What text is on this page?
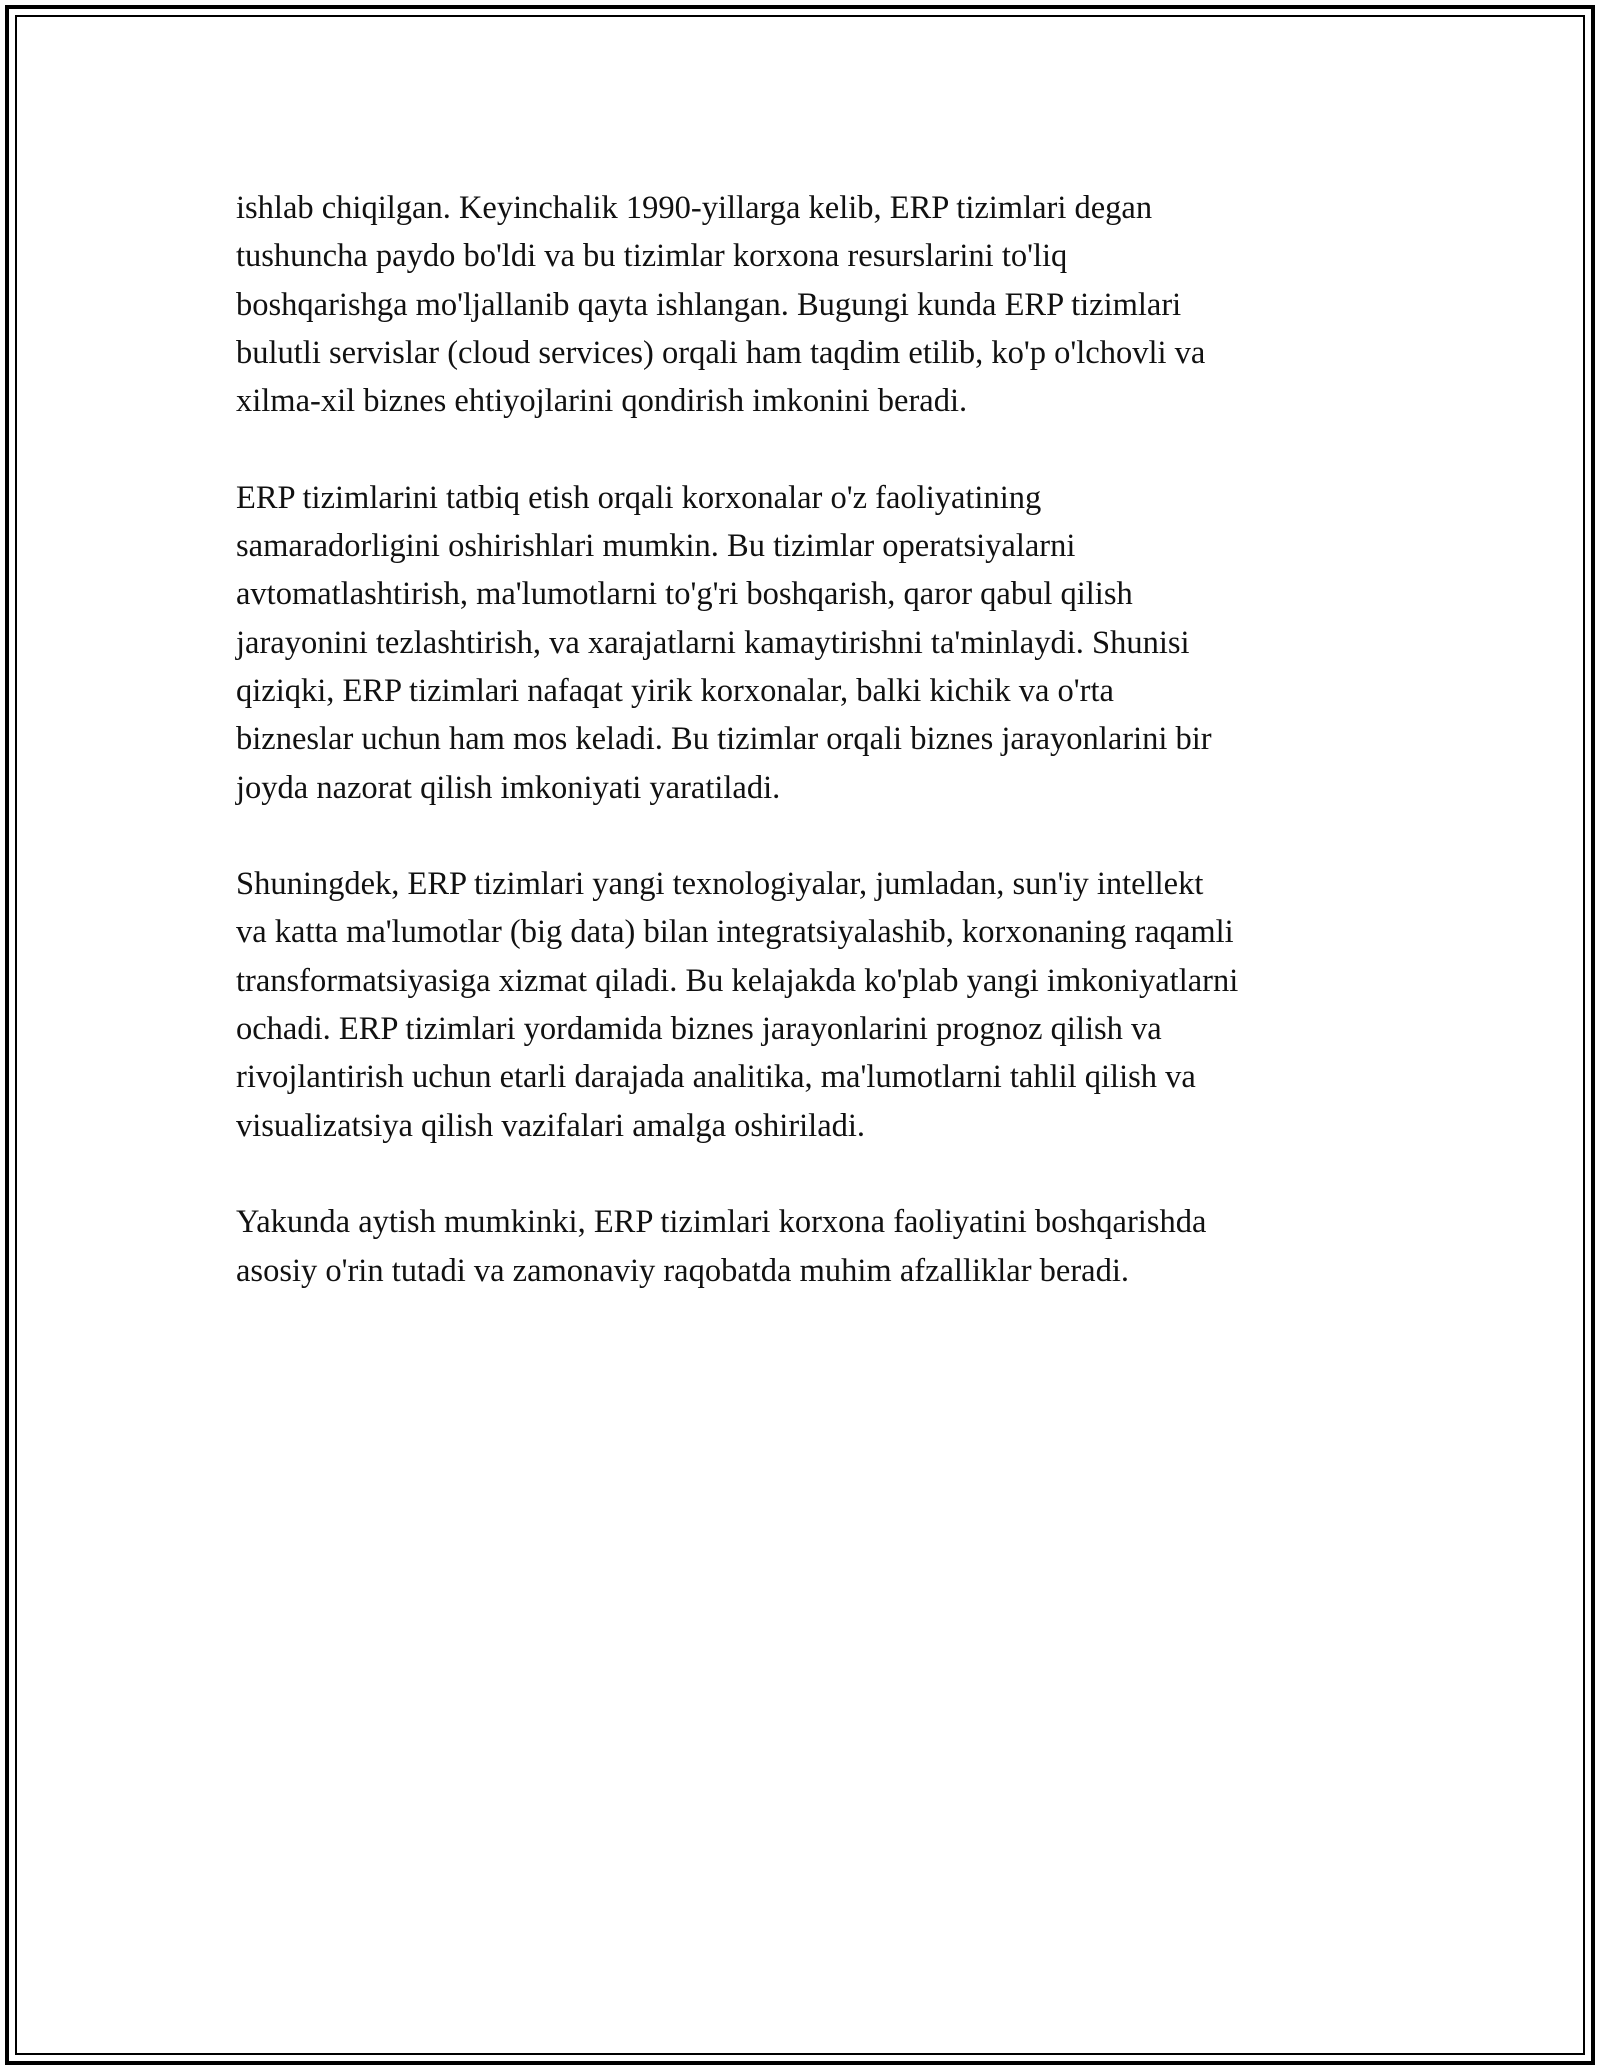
ishlab chiqilgan. Keyinchalik 1990-yillarga kelib, ERP tizimlari degan
tushuncha paydo bo'ldi va bu tizimlar korxona resurslarini to'liq
boshqarishga mo'ljallanib qayta ishlangan. Bugungi kunda ERP tizimlari
bulutli servislar (cloud services) orqali ham taqdim etilib, ko'p o'lchovli va
xilma-xil biznes ehtiyojlarini qondirish imkonini beradi.

ERP tizimlarini tatbiq etish orqali korxonalar o'z faoliyatining
samaradorligini oshirishlari mumkin. Bu tizimlar operatsiyalarni
avtomatlashtirish, ma'lumotlarni to'g'ri boshqarish, qaror qabul qilish
jarayonini tezlashtirish, va xarajatlarni kamaytirishni ta'minlaydi. Shunisi
qiziqki, ERP tizimlari nafaqat yirik korxonalar, balki kichik va o'rta
bizneslar uchun ham mos keladi. Bu tizimlar orqali biznes jarayonlarini bir
joyda nazorat qilish imkoniyati yaratiladi.

Shuningdek, ERP tizimlari yangi texnologiyalar, jumladan, sun'iy intellekt
va katta ma'lumotlar (big data) bilan integratsiyalashib, korxonaning raqamli
transformatsiyasiga xizmat qiladi. Bu kelajakda ko'plab yangi imkoniyatlarni
ochadi. ERP tizimlari yordamida biznes jarayonlarini prognoz qilish va
rivojlantirish uchun etarli darajada analitika, ma'lumotlarni tahlil qilish va
visualizatsiya qilish vazifalari amalga oshiriladi.

Yakunda aytish mumkinki, ERP tizimlari korxona faoliyatini boshqarishda
asosiy o'rin tutadi va zamonaviy raqobatda muhim afzalliklar beradi.
